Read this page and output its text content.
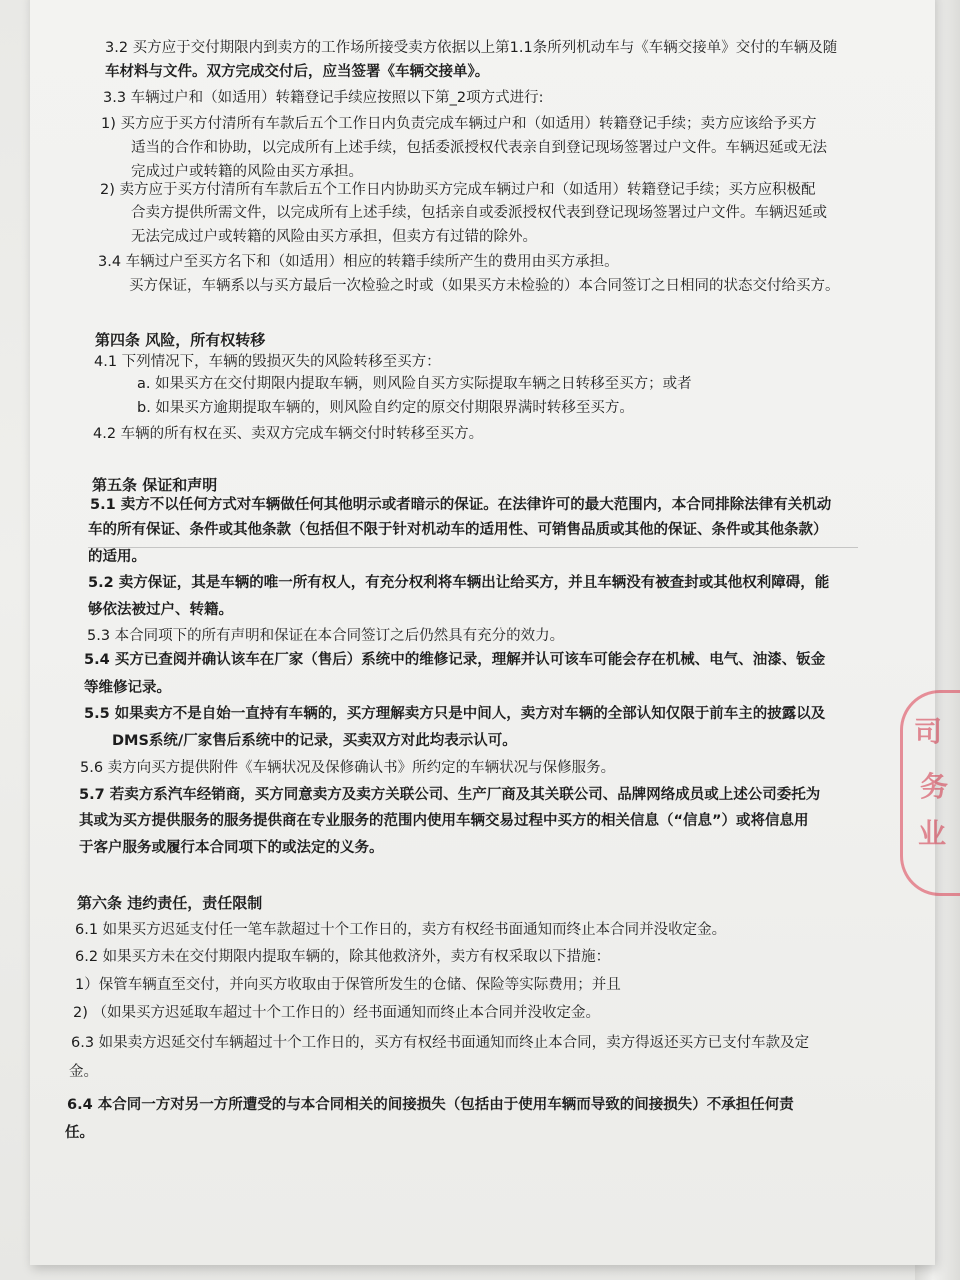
司
务
业
3.2 买方应于交付期限内到卖方的工作场所接受卖方依据以上第1.1条所列机动车与《车辆交接单》交付的车辆及随
车材料与文件。双方完成交付后，应当签署《车辆交接单》。
3.3 车辆过户和（如适用）转籍登记手续应按照以下第_2项方式进行:
1) 买方应于买方付清所有车款后五个工作日内负责完成车辆过户和（如适用）转籍登记手续；卖方应该给予买方
适当的合作和协助，以完成所有上述手续，包括委派授权代表亲自到登记现场签署过户文件。车辆迟延或无法
完成过户或转籍的风险由买方承担。
2) 卖方应于买方付清所有车款后五个工作日内协助买方完成车辆过户和（如适用）转籍登记手续；买方应积极配
合卖方提供所需文件，以完成所有上述手续，包括亲自或委派授权代表到登记现场签署过户文件。车辆迟延或
无法完成过户或转籍的风险由买方承担，但卖方有过错的除外。
3.4 车辆过户至买方名下和（如适用）相应的转籍手续所产生的费用由买方承担。
买方保证，车辆系以与买方最后一次检验之时或（如果买方未检验的）本合同签订之日相同的状态交付给买方。
第四条 风险，所有权转移
4.1 下列情况下，车辆的毁损灭失的风险转移至买方：
a. 如果买方在交付期限内提取车辆，则风险自买方实际提取车辆之日转移至买方；或者
b. 如果买方逾期提取车辆的，则风险自约定的原交付期限界满时转移至买方。
4.2 车辆的所有权在买、卖双方完成车辆交付时转移至买方。
第五条 保证和声明
5.1 卖方不以任何方式对车辆做任何其他明示或者暗示的保证。在法律许可的最大范围内，本合同排除法律有关机动
车的所有保证、条件或其他条款（包括但不限于针对机动车的适用性、可销售品质或其他的保证、条件或其他条款）
的适用。
5.2 卖方保证，其是车辆的唯一所有权人，有充分权利将车辆出让给买方，并且车辆没有被查封或其他权利障碍，能
够依法被过户、转籍。
5.3 本合同项下的所有声明和保证在本合同签订之后仍然具有充分的效力。
5.4 买方已查阅并确认该车在厂家（售后）系统中的维修记录，理解并认可该车可能会存在机械、电气、油漆、钣金
等维修记录。
5.5 如果卖方不是自始一直持有车辆的，买方理解卖方只是中间人，卖方对车辆的全部认知仅限于前车主的披露以及
DMS系统/厂家售后系统中的记录，买卖双方对此均表示认可。
5.6 卖方向买方提供附件《车辆状况及保修确认书》所约定的车辆状况与保修服务。
5.7 若卖方系汽车经销商，买方同意卖方及卖方关联公司、生产厂商及其关联公司、品牌网络成员或上述公司委托为
其或为买方提供服务的服务提供商在专业服务的范围内使用车辆交易过程中买方的相关信息（“信息”）或将信息用
于客户服务或履行本合同项下的或法定的义务。
第六条 违约责任，责任限制
6.1 如果买方迟延支付任一笔车款超过十个工作日的，卖方有权经书面通知而终止本合同并没收定金。
6.2 如果买方未在交付期限内提取车辆的，除其他救济外，卖方有权采取以下措施：
1）保管车辆直至交付，并向买方收取由于保管所发生的仓储、保险等实际费用；并且
2) （如果买方迟延取车超过十个工作日的）经书面通知而终止本合同并没收定金。
6.3 如果卖方迟延交付车辆超过十个工作日的，买方有权经书面通知而终止本合同，卖方得返还买方已支付车款及定
金。
6.4 本合同一方对另一方所遭受的与本合同相关的间接损失（包括由于使用车辆而导致的间接损失）不承担任何责
任。
